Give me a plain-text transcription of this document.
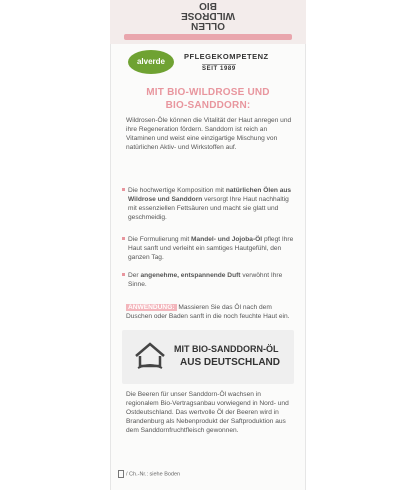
OLLEN
WILDROSE
BIO
alverde
PFLEGEKOMPETENZ
SEIT 1989
MIT BIO-WILDROSE UND
BIO-SANDDORN:
Wildrosen-Öle können die Vitalität der Haut anregen und ihre Regeneration fördern. Sanddorn ist reich an Vitaminen und weist eine einzigartige Mischung von natürlichen Aktiv- und Wirkstoffen auf.
Die hochwertige Komposition mit natürlichen Ölen aus Wildrose und Sanddorn versorgt Ihre Haut nachhaltig mit essenziellen Fettsäuren und macht sie glatt und geschmeidig.
Die Formulierung mit Mandel- und Jojoba-Öl pflegt Ihre Haut sanft und verleiht ein samtiges Hautgefühl, den ganzen Tag.
Der angenehme, entspannende Duft verwöhnt Ihre Sinne.
ANWENDUNG: Massieren Sie das Öl nach dem Duschen oder Baden sanft in die noch feuchte Haut ein.
MIT BIO-SANDDORN-ÖL
AUS DEUTSCHLAND
Die Beeren für unser Sanddorn-Öl wachsen in regionalem Bio-Vertragsanbau vorwiegend in Nord- und Ostdeutschland. Das wertvolle Öl der Beeren wird in Brandenburg als Nebenprodukt der Saftproduktion aus dem Sanddornfruchtfleisch gewonnen.
/ Ch.-Nr.: siehe Boden
